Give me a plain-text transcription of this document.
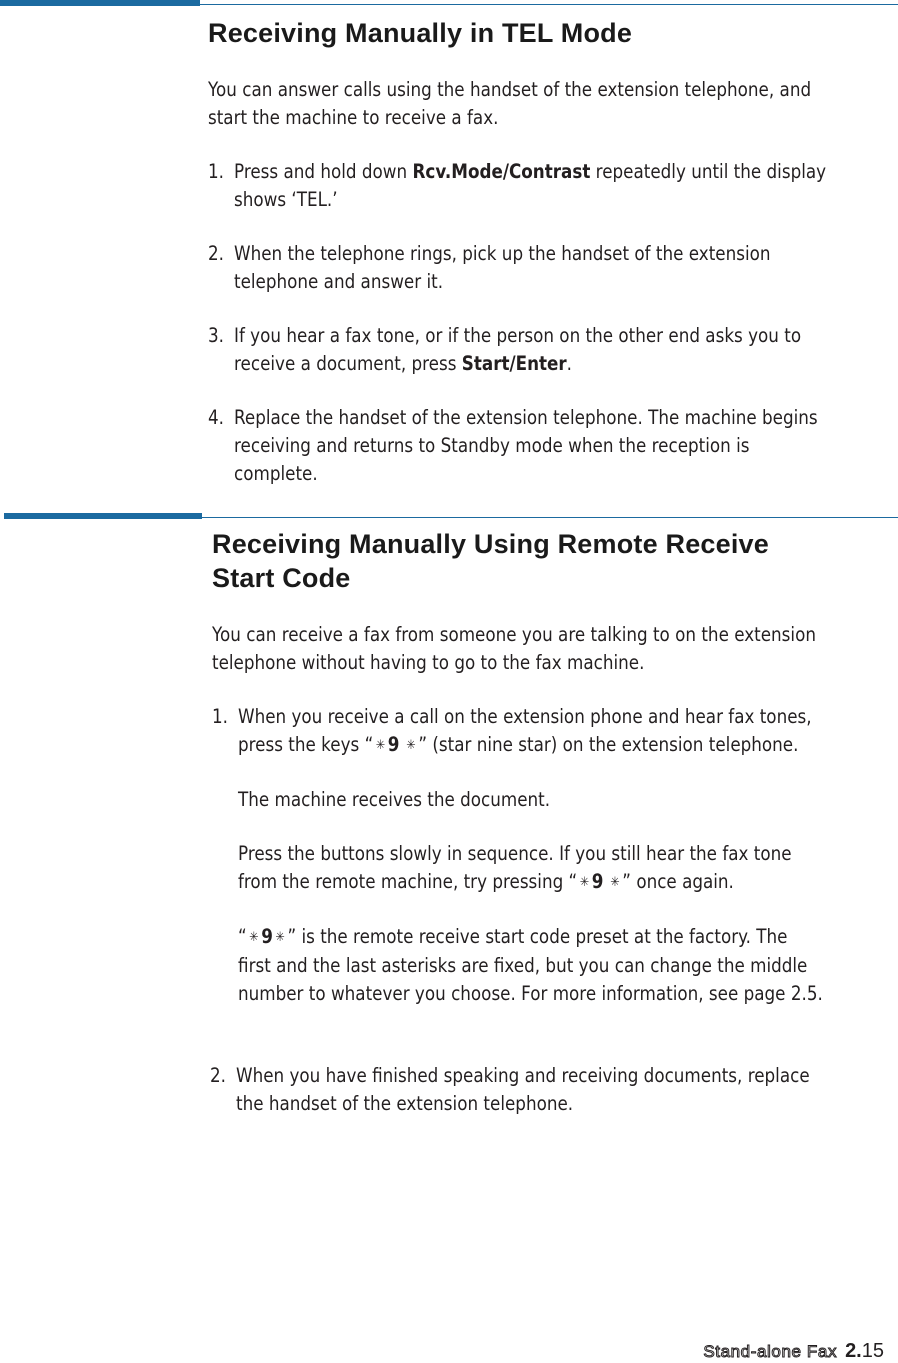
Receiving Manually in TEL Mode
You can answer calls using the handset of the extension telephone, and
start the machine to receive a fax.
1. Press and hold down Rcv.Mode/Contrast repeatedly until the display
shows ‘TEL.’
2. When the telephone rings, pick up the handset of the extension
telephone and answer it.
3. If you hear a fax tone, or if the person on the other end asks you to
receive a document, press Start/Enter.
4. Replace the handset of the extension telephone. The machine begins
receiving and returns to Standby mode when the reception is
complete.
Receiving Manually Using Remote Receive
Start Code
You can receive a fax from someone you are talking to on the extension
telephone without having to go to the fax machine.
1. When you receive a call on the extension phone and hear fax tones,
press the keys “ ✳ 9 ✳ ” (star nine star) on the extension telephone.
The machine receives the document.
Press the buttons slowly in sequence. If you still hear the fax tone
from the remote machine, try pressing “ ✳ 9 ✳ ” once again.
“ ✳ 9 ✳ ” is the remote receive start code preset at the factory. The
first and the last asterisks are fixed, but you can change the middle
number to whatever you choose. For more information, see page 2.5.
2. When you have finished speaking and receiving documents, replace
the handset of the extension telephone.
Stand-alone Fax 2. 15
